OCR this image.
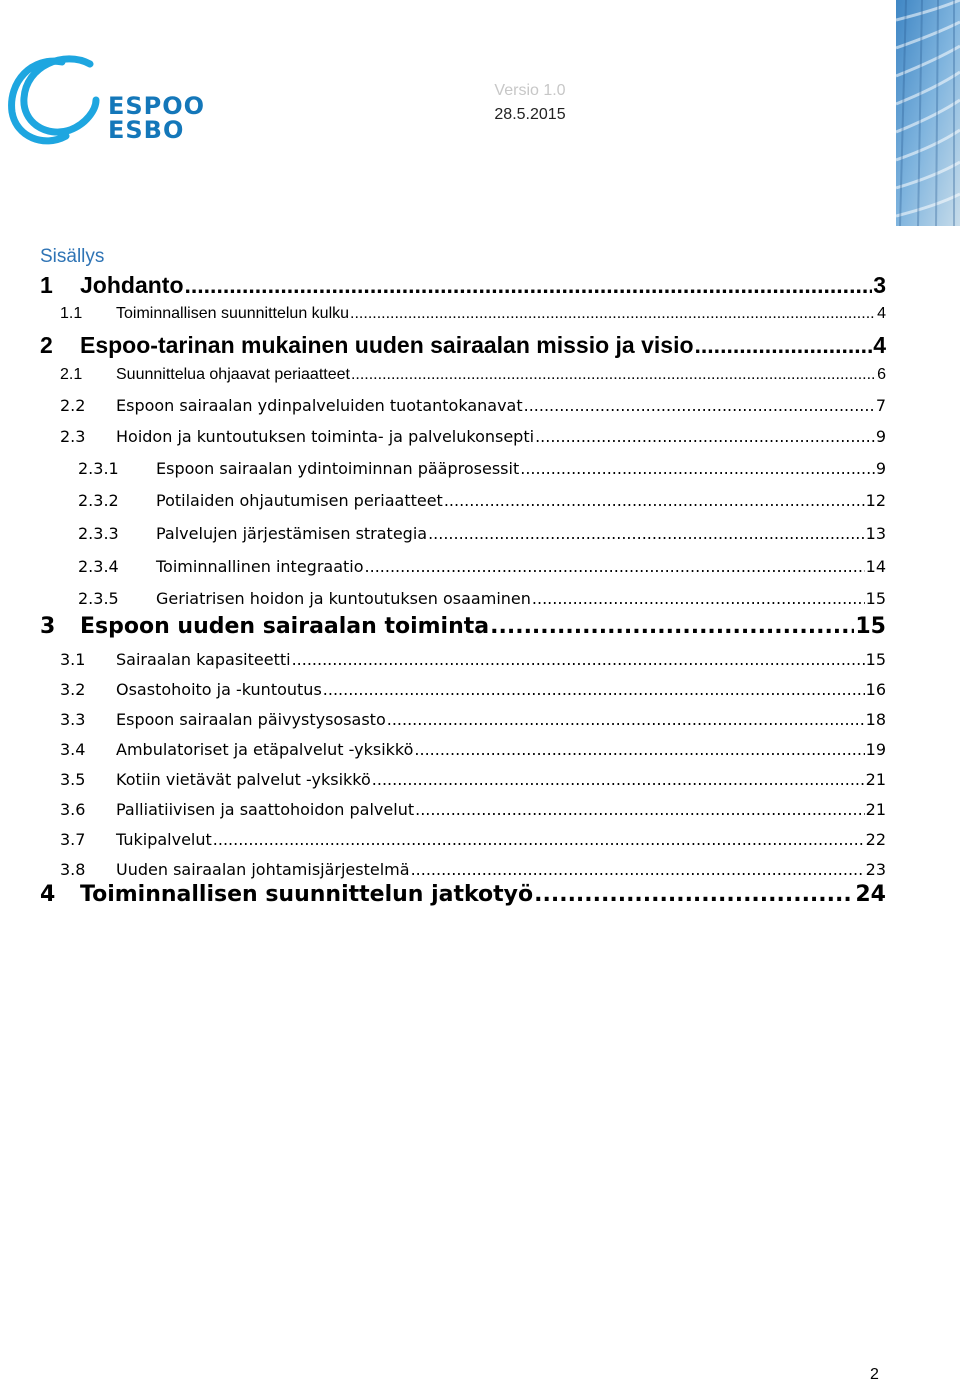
ESPOO
ESBO
Versio 1.0
28.5.2015
Sisällys
1	Johdanto .....	3
1.1	Toiminnallisen suunnittelun kulku .....	4
2	Espoo-tarinan mukainen uuden sairaalan missio ja visio .....	4
2.1	Suunnittelua ohjaavat periaatteet .....	6
2.2	Espoon sairaalan ydinpalveluiden tuotantokanavat .....	7
2.3	Hoidon ja kuntoutuksen toiminta- ja palvelukonsepti .....	9
2.3.1	Espoon sairaalan ydintoiminnan pääprosessit .....	9
2.3.2	Potilaiden ohjautumisen periaatteet .....	12
2.3.3	Palvelujen järjestämisen strategia .....	13
2.3.4	Toiminnallinen integraatio .....	14
2.3.5	Geriatrisen hoidon ja kuntoutuksen osaaminen .....	15
3	Espoon uuden sairaalan toiminta .....	15
3.1	Sairaalan kapasiteetti .....	15
3.2	Osastohoito ja -kuntoutus .....	16
3.3	Espoon sairaalan päivystysosasto .....	18
3.4	Ambulatoriset ja etäpalvelut -yksikkö .....	19
3.5	Kotiin vietävät palvelut -yksikkö .....	21
3.6	Palliatiivisen ja saattohoidon palvelut .....	21
3.7	Tukipalvelut .....	22
3.8	Uuden sairaalan johtamisjärjestelmä .....	23
4	Toiminnallisen suunnittelun jatkotyö .....	24
2
